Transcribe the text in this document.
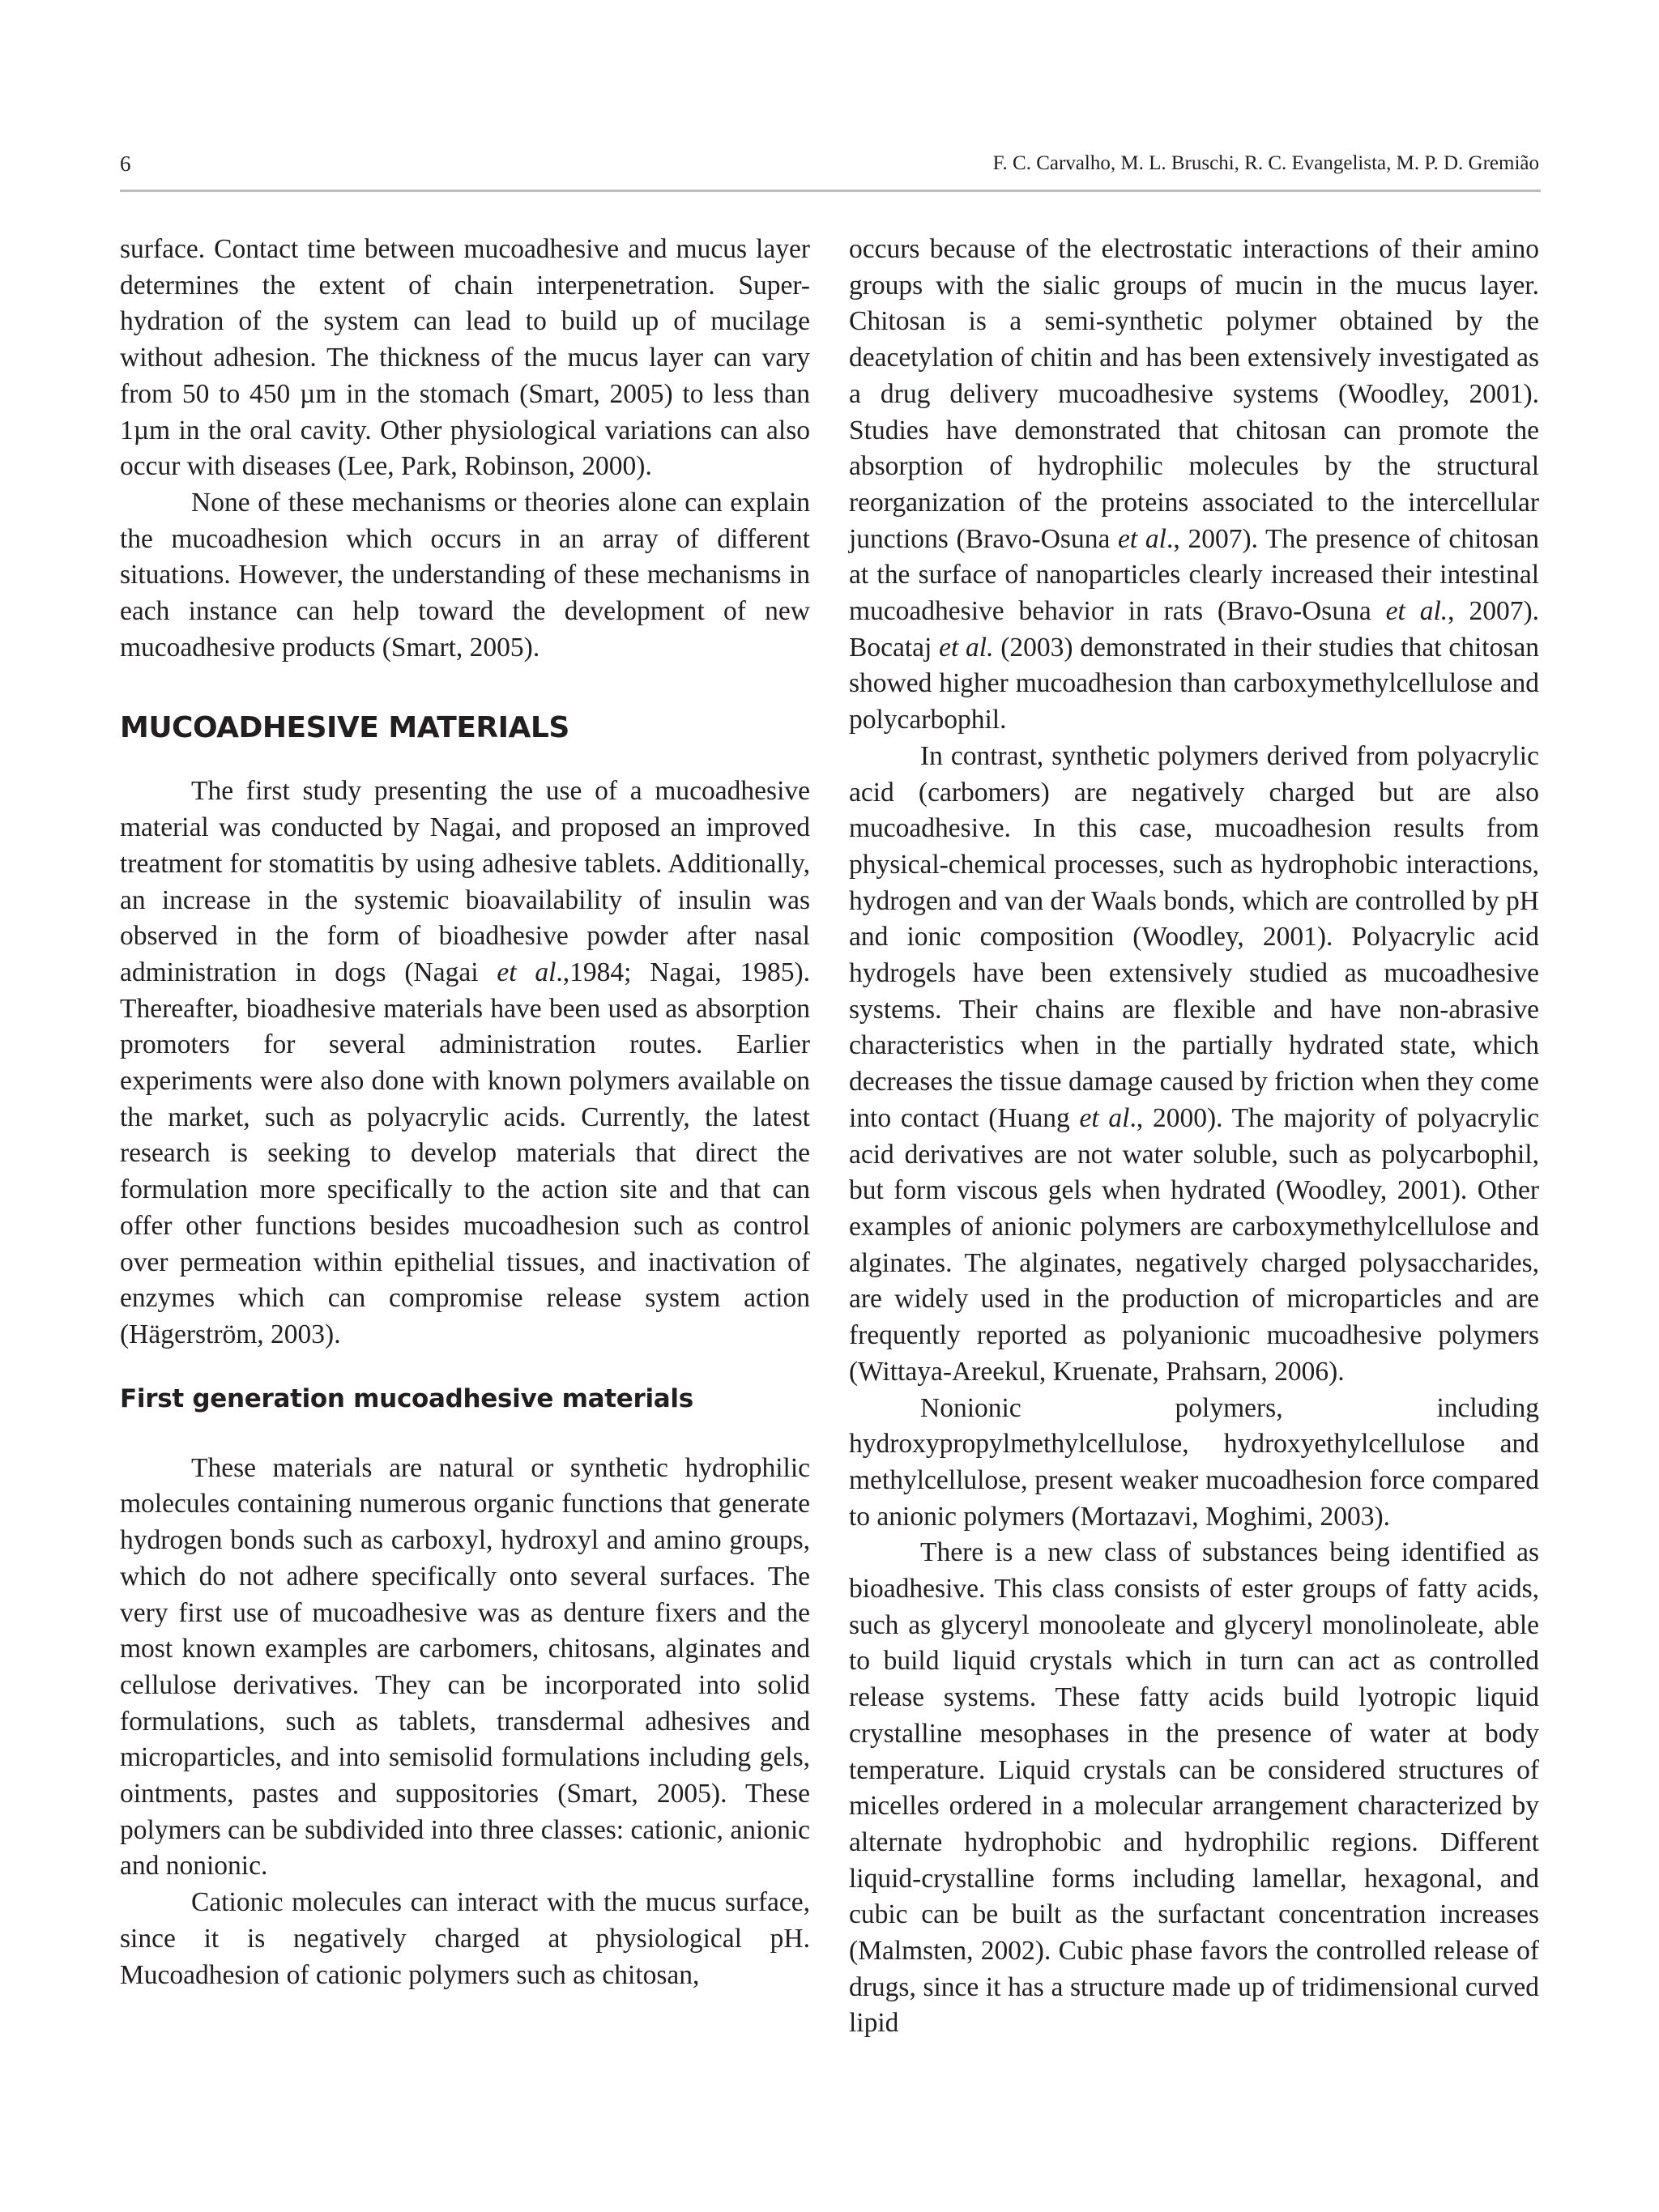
6	F. C. Carvalho, M. L. Bruschi, R. C. Evangelista, M. P. D. Gremião

surface. Contact time between mucoadhesive and mucus layer determines the extent of chain interpenetration. Super-hydration of the system can lead to build up of mucilage without adhesion. The thickness of the mucus layer can vary from 50 to 450 µm in the stomach (Smart, 2005) to less than 1µm in the oral cavity. Other physiological variations can also occur with diseases (Lee, Park, Robinson, 2000).

None of these mechanisms or theories alone can explain the mucoadhesion which occurs in an array of different situations. However, the understanding of these mechanisms in each instance can help toward the development of new mucoadhesive products (Smart, 2005).

MUCOADHESIVE MATERIALS

The first study presenting the use of a mucoadhesive material was conducted by Nagai, and proposed an improved treatment for stomatitis by using adhesive tablets. Additionally, an increase in the systemic bioavailability of insulin was observed in the form of bioadhesive powder after nasal administration in dogs (Nagai et al.,1984; Nagai, 1985). Thereafter, bioadhesive materials have been used as absorption promoters for several administration routes. Earlier experiments were also done with known polymers available on the market, such as polyacrylic acids. Currently, the latest research is seeking to develop materials that direct the formulation more specifically to the action site and that can offer other functions besides mucoadhesion such as control over permeation within epithelial tissues, and inactivation of enzymes which can compromise release system action (Hägerström, 2003).

First generation mucoadhesive materials

These materials are natural or synthetic hydrophilic molecules containing numerous organic functions that generate hydrogen bonds such as carboxyl, hydroxyl and amino groups, which do not adhere specifically onto several surfaces. The very first use of mucoadhesive was as denture fixers and the most known examples are carbomers, chitosans, alginates and cellulose derivatives. They can be incorporated into solid formulations, such as tablets, transdermal adhesives and microparticles, and into semisolid formulations including gels, ointments, pastes and suppositories (Smart, 2005). These polymers can be subdivided into three classes: cationic, anionic and nonionic.

Cationic molecules can interact with the mucus surface, since it is negatively charged at physiological pH. Mucoadhesion of cationic polymers such as chitosan,

occurs because of the electrostatic interactions of their amino groups with the sialic groups of mucin in the mucus layer. Chitosan is a semi-synthetic polymer obtained by the deacetylation of chitin and has been extensively investigated as a drug delivery mucoadhesive systems (Woodley, 2001). Studies have demonstrated that chitosan can promote the absorption of hydrophilic molecules by the structural reorganization of the proteins associated to the intercellular junctions (Bravo-Osuna et al., 2007). The presence of chitosan at the surface of nanoparticles clearly increased their intestinal mucoadhesive behavior in rats (Bravo-Osuna et al., 2007). Bocataj et al. (2003) demonstrated in their studies that chitosan showed higher mucoadhesion than carboxymethylcellulose and polycarbophil.

In contrast, synthetic polymers derived from polyacrylic acid (carbomers) are negatively charged but are also mucoadhesive. In this case, mucoadhesion results from physical-chemical processes, such as hydrophobic interactions, hydrogen and van der Waals bonds, which are controlled by pH and ionic composition (Woodley, 2001). Polyacrylic acid hydrogels have been extensively studied as mucoadhesive systems. Their chains are flexible and have non-abrasive characteristics when in the partially hydrated state, which decreases the tissue damage caused by friction when they come into contact (Huang et al., 2000). The majority of polyacrylic acid derivatives are not water soluble, such as polycarbophil, but form viscous gels when hydrated (Woodley, 2001). Other examples of anionic polymers are carboxymethylcellulose and alginates. The alginates, negatively charged polysaccharides, are widely used in the production of microparticles and are frequently reported as polyanionic mucoadhesive polymers (Wittaya-Areekul, Kruenate, Prahsarn, 2006).

Nonionic polymers, including hydroxypropylmethylcellulose, hydroxyethylcellulose and methylcellulose, present weaker mucoadhesion force compared to anionic polymers (Mortazavi, Moghimi, 2003).

There is a new class of substances being identified as bioadhesive. This class consists of ester groups of fatty acids, such as glyceryl monooleate and glyceryl monolinoleate, able to build liquid crystals which in turn can act as controlled release systems. These fatty acids build lyotropic liquid crystalline mesophases in the presence of water at body temperature. Liquid crystals can be considered structures of micelles ordered in a molecular arrangement characterized by alternate hydrophobic and hydrophilic regions. Different liquid-crystalline forms including lamellar, hexagonal, and cubic can be built as the surfactant concentration increases (Malmsten, 2002). Cubic phase favors the controlled release of drugs, since it has a structure made up of tridimensional curved lipid
